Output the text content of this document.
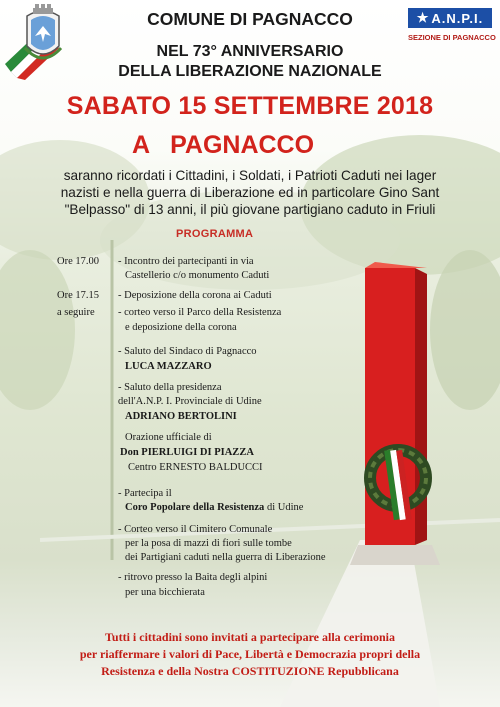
★ A.N.P.I.
SEZIONE DI PAGNACCO
COMUNE DI PAGNACCO
NEL 73° ANNIVERSARIO
DELLA LIBERAZIONE NAZIONALE
SABATO 15 SETTEMBRE 2018
A PAGNACCO
saranno ricordati i Cittadini, i Soldati, i Patrioti Caduti nei lager
nazisti e nella guerra di Liberazione ed in particolare Gino Sant
"Belpasso" di 13 anni, il più giovane partigiano caduto in Friuli
PROGRAMMA
Ore 17.00
Ore 17.15
a seguire
- Incontro dei partecipanti in via
Castellerio c/o monumento Caduti
- Deposizione della corona ai Caduti
- corteo verso il Parco della Resistenza
e deposizione della corona
- Saluto del Sindaco di Pagnacco
LUCA MAZZARO
- Saluto della presidenza
dell'A.N.P. I. Provinciale di Udine
ADRIANO BERTOLINI
Orazione ufficiale di
Don PIERLUIGI DI PIAZZA
Centro ERNESTO BALDUCCI
- Partecipa il
Coro Popolare della Resistenza di Udine
- Corteo verso il Cimitero Comunale
per la posa di mazzi di fiori sulle tombe
dei Partigiani caduti nella guerra di Liberazione
- ritrovo presso la Baita degli alpini
per una bicchierata
Tutti i cittadini sono invitati a partecipare alla cerimonia
per riaffermare i valori di Pace, Libertà e Democrazia propri della
Resistenza e della Nostra COSTITUZIONE Repubblicana
